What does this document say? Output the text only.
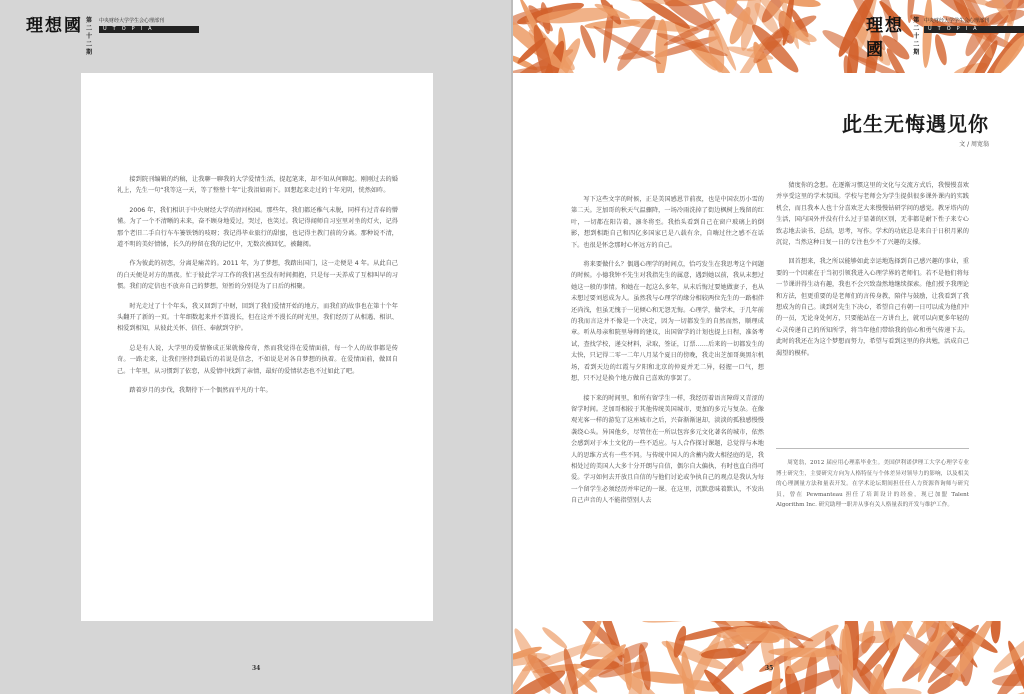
理想國 第二十二期
中央财经大学学生会心理部刊
UTOPIA

接到院刊编辑的约稿，让我聊一聊我的大学爱情生活，提起笔来，却不知从何聊起。刚刚过去的婚礼上，先生一句“我等这一天，等了整整十年”让我泪如雨下。回想起来走过的十年光阴，恍然如昨。

2006 年，我们相识于中央财经大学的清河校园。那些年，我们都还稚气未脱，同样有过青春的懵懂。为了一个不清晰的未来，奋不顾身地爱过，哭过，也笑过。我记得闻师自习室里对坐的灯火，记得那个老旧二手自行车车篓铁锈的吱呀；我记得毕业旅行的甜蜜，也记得主教门前的分离。那种说不清，道不明的美好情愫，长久的停留在我的记忆中，无数次被回忆，被翻阅。

作为彼此的初恋，分离是痛苦的。2011 年，为了梦想，我踏出国门，这一走便是 4 年。从此自己的白天便是对方的黑夜。忙于彼此学习工作的我们甚至没有时间拥抱，只是每一天养成了互相叫早的习惯。我们的定信也不放弃自己的梦想，短暂的分别是为了日后的相聚。

时光走过了十个年头，我又回到了中财，回到了我们爱情开始的地方，而我们的故事也在第十个年头翻开了新的一页。十年细数起来并不算漫长，但在这并不漫长的时光里，我们经历了从相遇、相识、相爱到相知，从彼此关怀、信任、奉献到守护。

总是有人说，大学里的爱情修成正果就像传奇，然而我觉得在爱情面前，每一个人的故事都是传奇。一路走来，让我们坚持到最后的若说是信念，不如说是对各自梦想的执着。在爱情面前，做回自己。十年里，从习惯到了依恋，从爱情中找到了亲情，最好的爱情状态也不过如此了吧。

踏着岁月的步伐，我期待下一个偶然而平凡的十年。

34
理想國
第二十二期
中央财经大学学生会心理部刊
UTOPIA
此生无悔遇见你
文 / 周宽翁

写下这些文字的时候，正是美国感恩节前夜，也是中国农历小雪的第二天。芝加哥的秋天气温骤降，一场冷雨洗掉了街边枫树上残留的红叶，一切都在阳告着，凛冬将至。我抬头看到自己在窗户玻璃上的倒影，想到相距自己和四亿多国家已是八载有余，自嗨过往之感不在话下。也很是怀念那时心怀远方的自己。

将来要做什么？偶遇心理学的时间点，恰巧发生在我思考这个问题的时候。小德我钟不先生对我指先生的属意，遇到她以前，我从未想过她这一般的事情。和她在一起这么多年，从未后悔过要她做妻子，也从未想过要刘恩成为人。虽然我与心理学的缘分相较两位先生的一路相伴还尚浅，但虽无愧于一见倾心和无怨无悔。心理学，做学术，于几年前的我而言这并不像是一个决定，因为一切都发生的自然而然，顺理成章。听从母亲和院里导师的建议，出国留学的计划也提上日程，准备考试，查找学校，递交材料，录取，签证，订票……后来的一切都发生的太快，只记得二零一二年八月某个夏日的傍晚，我走出芝加哥奥黑尔机场，看到天边的红霞与夕阳和北京的仲夏并无二异，轻握一口气，想想，只不过是换个地方做自己喜欢的事罢了。

接下来的时间里，和所有留学生一样，我经历着语言障碍又青涩的留学时间。芝加哥相较于其他传统美国城市，更加的多元与复杂。在像观光客一样的游览了这座城市之后，兴奋渐渐退却，淡淡的孤独感慢慢袭绕心头。异国他乡，尽管住在一所以包容多元文化著名的城市，依然会感到对于本土文化的一些不适应。与人合作探讨课题，总觉得与本地人的思维方式有一些不同。与传统中国人的含蓄内敛大相径庭的是，我相处过的美国人大多十分开朗与自信，偶尔自大偏执，有时也直白得可爱。学习如何去开放且自信的与他们讨论或争执自己的观点是我认为每一个留学生必须经历并牢记的一课。在这里，沉默意味着默认，不发出自己声音的人不能指望别人去

猜度你的念想。在逐渐习惯这里的文化与交流方式后，我慢慢喜欢并享受这里的学术氛围。学校与老师会为学生提供很多课外课内的实践机会，而且我本人也十分喜欢芝大来慢慢钻研学问的感觉。教牙塔内的生活，国内国外并没有什么过于显著的区别，无非都是耐下性子来专心致志地去读书、总结，思考，写作。学术的功底总是来自于日积月累的沉淀，当然这种日复一日的专注也少不了兴趣的支撑。

回首想来，我之所以能够如此幸运地选择到自己感兴趣的事业，重要的一个因素在于当初引领我进入心理学界的老师们。若不是他们将每一节课讲得生动有趣，我也不会兴致盎然地继续探索。他们授予我理论和方法，但更重要的是老师们的言传身教，陪伴与鼓励，让我看到了我想成为的自己。谈到对先生下决心，希望自己有朝一日可以成为他们中的一员，无论身处何方，只要能站在一方讲台上，就可以向更多年轻的心灵传递自己的所知所学，将当年他们带给我的信心和勇气传递下去。此时的我还在为这个梦想而努力，希望与看到这里的你共勉，活成自己渴望的模样。

周宽翁，2012 届应用心理系毕业生。美国伊利诺伊理工大学心理学专业博士研究生，主要研究方向为人格特征与个体差异对领导力的影响，以及相关的心理测量方法和量表开发。在学术论坛期间担任任人力资源咨询师与研究员，曾在 Pewmanteau 担任了培训设计的经验，现已加盟 Talent Algorithm Inc. 研究助理一职并从事有关人格量表的开发与维护工作。

35
